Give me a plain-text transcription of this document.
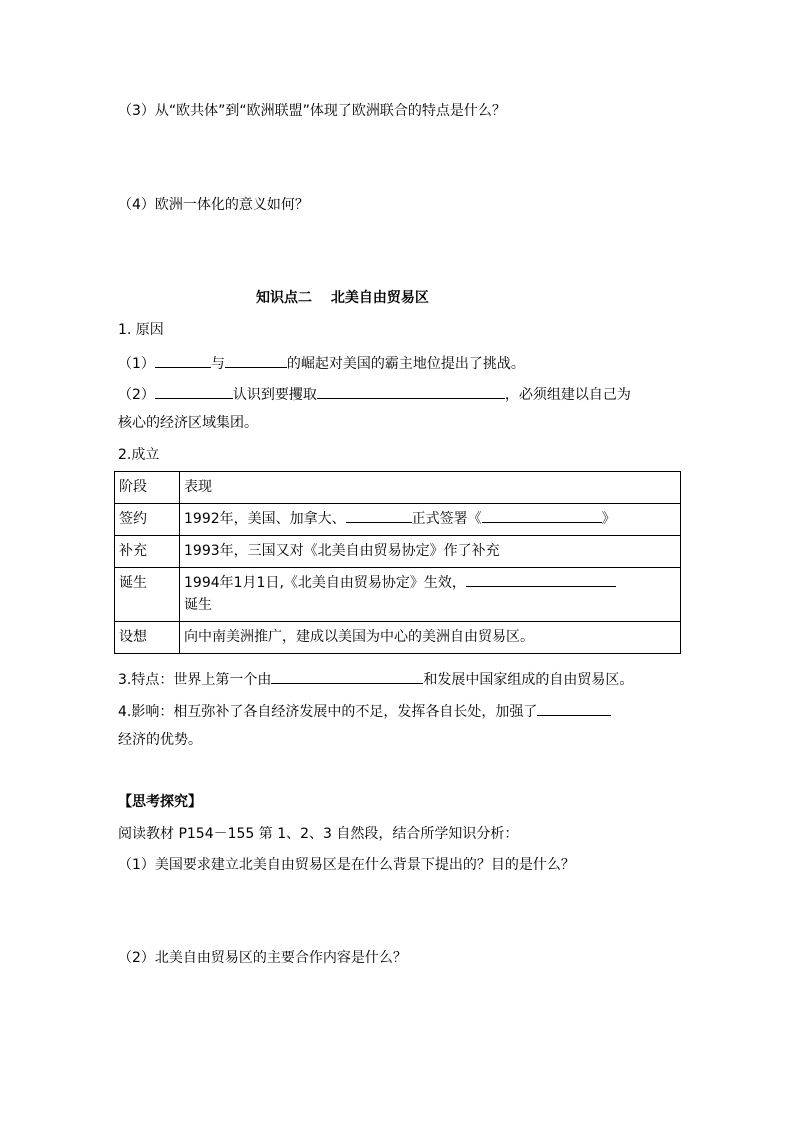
（3）从“欧共体”到“欧洲联盟”体现了欧洲联合的特点是什么？
（4）欧洲一体化的意义如何？
知识点二　 北美自由贸易区
1. 原因
（1）	与	的崛起对美国的霸主地位提出了挑战。
（2）	认识到要攫取	，必须组建以自己为
核心的经济区域集团。
2.成立
阶段	表现
签约	1992年，美国、加拿大、 正式签署《 》
补充	1993年，三国又对《北美自由贸易协定》作了补充
诞生	1994年1月1日,《北美自由贸易协定》生效，
诞生
设想	向中南美洲推广，建成以美国为中心的美洲自由贸易区。
3.特点：世界上第一个由	和发展中国家组成的自由贸易区。
4.影响：相互弥补了各自经济发展中的不足，发挥各自长处，加强了
经济的优势。
【思考探究】
阅读教材 P154－155 第 1、2、3 自然段，结合所学知识分析：
（1）美国要求建立北美自由贸易区是在什么背景下提出的？目的是什么？
（2）北美自由贸易区的主要合作内容是什么？
